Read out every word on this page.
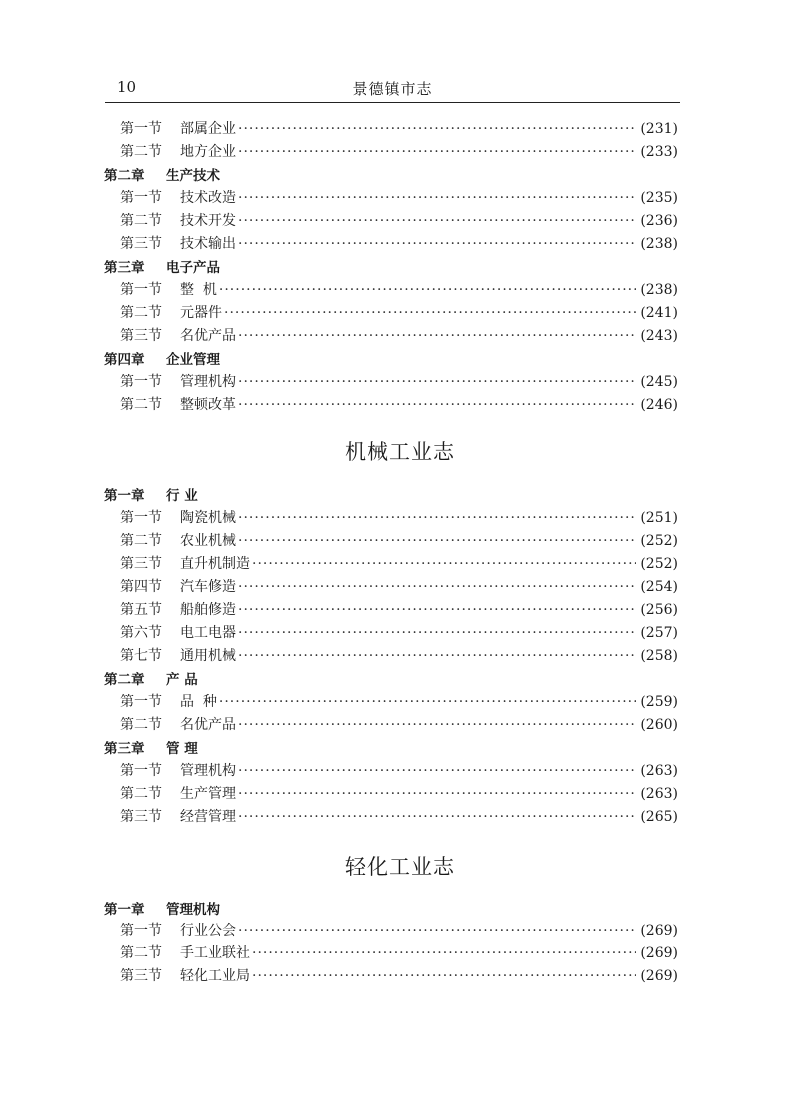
10	景德镇市志
第一节 部属企业 ·····	(231)
第二节 地方企业 ·····	(233)
第二章 生产技术
第一节 技术改造 ·····	(235)
第二节 技术开发 ·····	(236)
第三节 技术输出 ·····	(238)
第三章 电子产品
第一节 整  机 ·····	(238)
第二节 元器件 ·····	(241)
第三节 名优产品 ·····	(243)
第四章 企业管理
第一节 管理机构 ·····	(245)
第二节 整顿改革 ·····	(246)
机械工业志
第一章 行 业
第一节 陶瓷机械 ·····	(251)
第二节 农业机械 ·····	(252)
第三节 直升机制造 ·····	(252)
第四节 汽车修造 ·····	(254)
第五节 船舶修造 ·····	(256)
第六节 电工电器 ·····	(257)
第七节 通用机械 ·····	(258)
第二章 产 品
第一节 品  种 ·····	(259)
第二节 名优产品 ·····	(260)
第三章 管 理
第一节 管理机构 ·····	(263)
第二节 生产管理 ·····	(263)
第三节 经营管理 ·····	(265)
轻化工业志
第一章 管理机构
第一节 行业公会 ·····	(269)
第二节 手工业联社 ·····	(269)
第三节 轻化工业局 ·····	(269)
